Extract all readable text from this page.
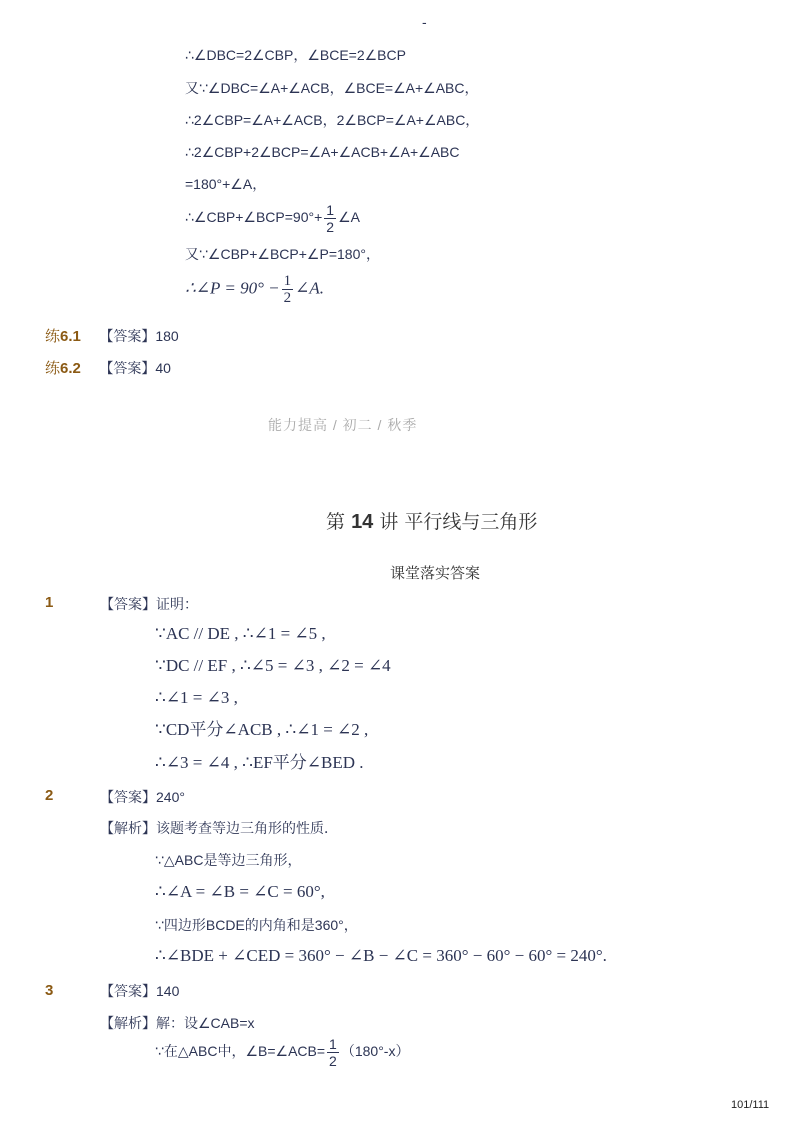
-
∴∠DBC=2∠CBP，∠BCE=2∠BCP
又∵∠DBC=∠A+∠ACB，∠BCE=∠A+∠ABC，
∴2∠CBP=∠A+∠ACB，2∠BCP=∠A+∠ABC，
∴2∠CBP+2∠BCP=∠A+∠ACB+∠A+∠ABC
=180°+∠A，
∴∠CBP+∠BCP=90°+ $\frac{1}{2}$ ∠A
又∵∠CBP+∠BCP+∠P=180°，
∴∠P = $90^\circ - \frac{1}{2}$ ∠A.
练6.1 【答案】180
练6.2 【答案】40
能力提高 / 初二 / 秋季
第 14 讲 平行线与三角形
课堂落实答案
1	【答案】证明：
∵AC // DE , ∴∠1 = ∠5 ,
∵DC // EF , ∴∠5 = ∠3 , ∠2 = ∠4
∴∠1 = ∠3 ,
∵CD平分∠ACB , ∴∠1 = ∠2 ,
∴∠3 = ∠4 , ∴EF平分∠BED .
2	【答案】240°
【解析】该题考查等边三角形的性质．
∵△ABC是等边三角形，
∴∠A = ∠B = ∠C = 60°,
∵四边形BCDE的内角和是360°，
∴∠BDE + ∠CED = 360° − ∠B − ∠C = 360° − 60° − 60° = 240°.
3	【答案】140
【解析】解：设∠CAB=x
∵在△ABC中，∠B=∠ACB= $\frac{1}{2} (180^\circ-x)$
101/111
